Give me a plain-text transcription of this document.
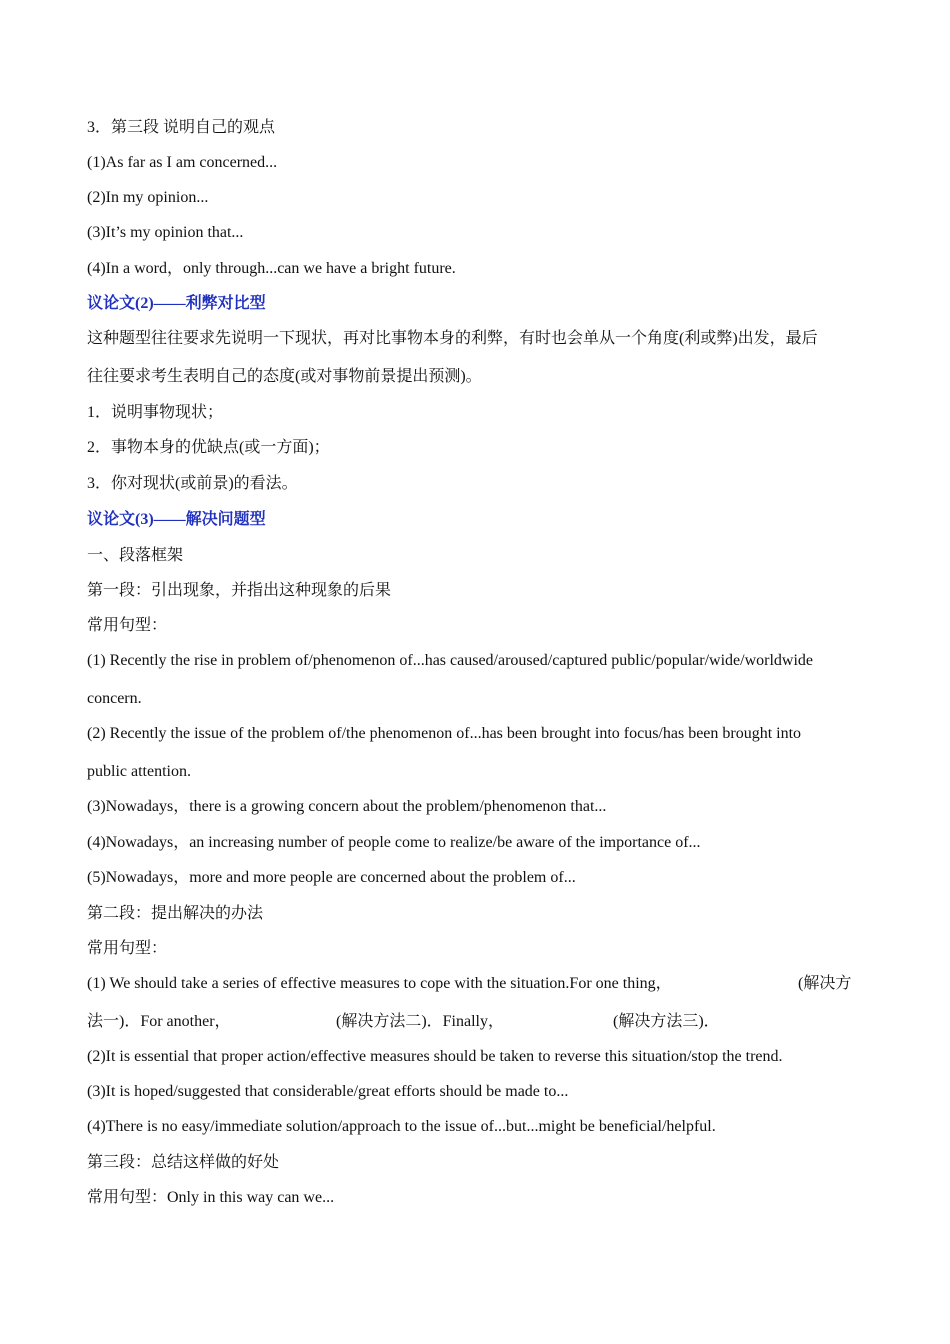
3．第三段 说明自己的观点
(1)As far as I am concerned...
(2)In my opinion...
(3)It’s my opinion that...
(4)In a word，only through...can we have a bright future.
议论文(2)——利弊对比型
这种题型往往要求先说明一下现状，再对比事物本身的利弊，有时也会单从一个角度(利或弊)出发，最后
往往要求考生表明自己的态度(或对事物前景提出预测)。
1．说明事物现状；
2．事物本身的优缺点(或一方面)；
3．你对现状(或前景)的看法。
议论文(3)——解决问题型
一、段落框架
第一段：引出现象，并指出这种现象的后果
常用句型：
(1) Recently the rise in problem of/phenomenon of...has caused/aroused/captured public/popular/wide/worldwide
concern.
(2) Recently the issue of the problem of/the phenomenon of...has been brought into focus/has been brought into
public attention.
(3)Nowadays，there is a growing concern about the problem/phenomenon that...
(4)Nowadays，an increasing number of people come to realize/be aware of the importance of...
(5)Nowadays，more and more people are concerned about the problem of...
第二段：提出解决的办法
常用句型：
(1) We should take a series of effective measures to cope with the situation.For one thing，	(解决方
法一)．For another，	(解决方法二)．Finally，	(解决方法三)．
(2)It is essential that proper action/effective measures should be taken to reverse this situation/stop the trend.
(3)It is hoped/suggested that considerable/great efforts should be made to...
(4)There is no easy/immediate solution/approach to the issue of...but...might be beneficial/helpful.
第三段：总结这样做的好处
常用句型：Only in this way can we...
